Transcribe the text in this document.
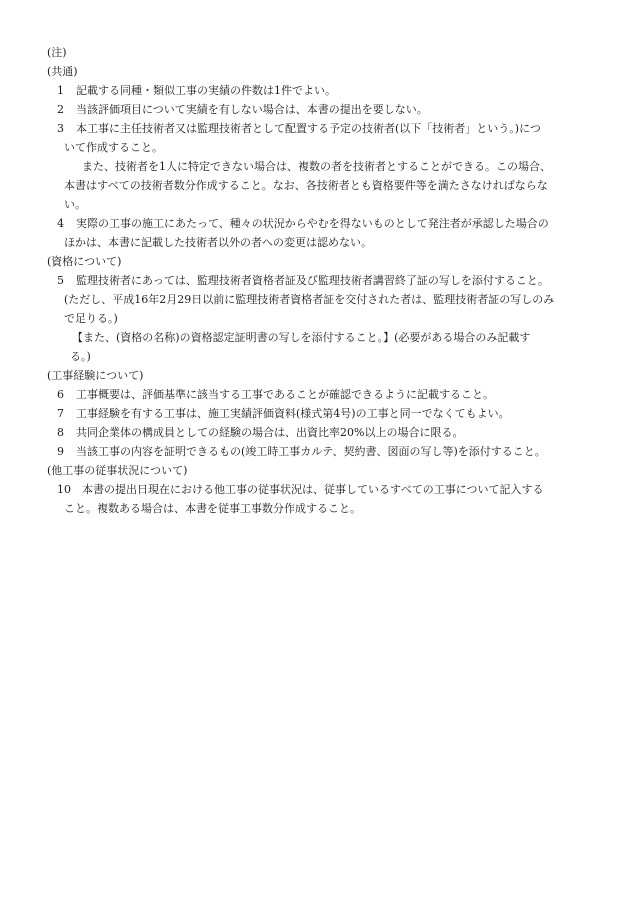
(注)
(共通)
1 記載する同種・類似工事の実績の件数は1件でよい。
2 当該評価項目について実績を有しない場合は、本書の提出を要しない。
3 本工事に主任技術者又は監理技術者として配置する予定の技術者(以下「技術者」という。)につ
いて作成すること。
また、技術者を1人に特定できない場合は、複数の者を技術者とすることができる。この場合、
本書はすべての技術者数分作成すること。なお、各技術者とも資格要件等を満たさなければならな
い。
4 実際の工事の施工にあたって、種々の状況からやむを得ないものとして発注者が承認した場合の
ほかは、本書に記載した技術者以外の者への変更は認めない。
(資格について)
5 監理技術者にあっては、監理技術者資格者証及び監理技術者講習終了証の写しを添付すること。
(ただし、平成16年2月29日以前に監理技術者資格者証を交付された者は、監理技術者証の写しのみ
で足りる。)
【また、(資格の名称)の資格認定証明書の写しを添付すること。】(必要がある場合のみ記載す
る。)
(工事経験について)
6 工事概要は、評価基準に該当する工事であることが確認できるように記載すること。
7 工事経験を有する工事は、施工実績評価資料(様式第4号)の工事と同一でなくてもよい。
8 共同企業体の構成員としての経験の場合は、出資比率20%以上の場合に限る。
9 当該工事の内容を証明できるもの(竣工時工事カルテ、契約書、図面の写し等)を添付すること。
(他工事の従事状況について)
10 本書の提出日現在における他工事の従事状況は、従事しているすべての工事について記入する
こと。複数ある場合は、本書を従事工事数分作成すること。
